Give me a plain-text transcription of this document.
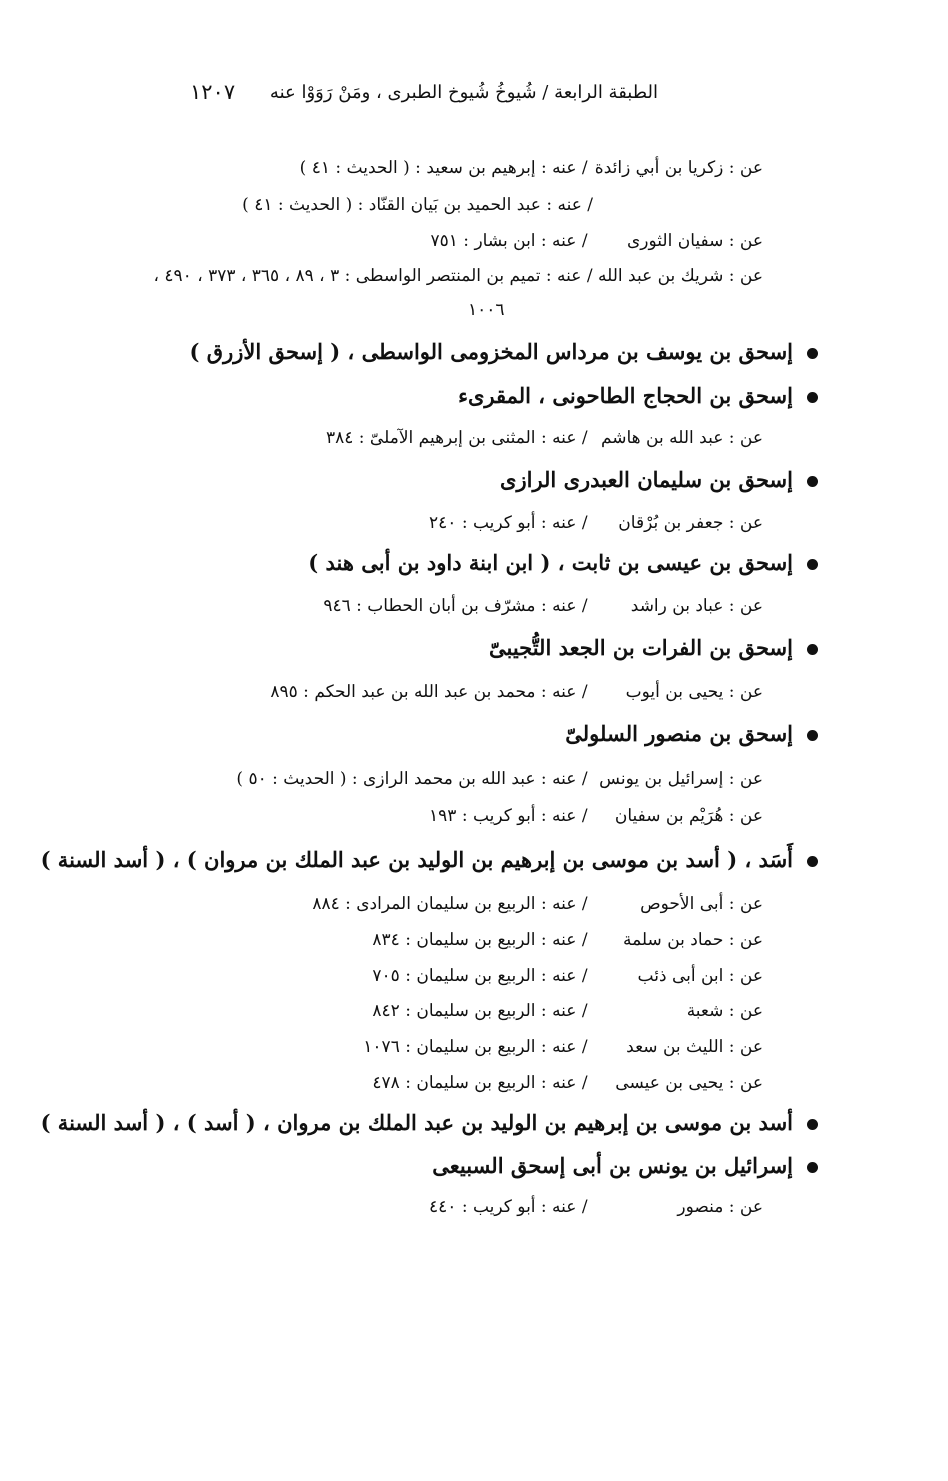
الطبقة الرابعة / شُيوخُ شُيوخ الطبرى ، ومَنْ رَوَوْا عنه
١٢٠٧
عن : زكريا بن أبي زائدة / عنه : إبرهيم بن سعيد : ( الحديث : ٤١ )
/ عنه : عبد الحميد بن بَيان القنّاد : ( الحديث : ٤١ )
عن : سفيان الثورى / عنه : ابن بشار : ٧٥١
عن : شريك بن عبد الله / عنه : تميم بن المنتصر الواسطى : ٣ ، ٨٩ ، ٣٦٥ ، ٣٧٣ ، ٤٩٠ ،
١٠٠٦
إسحق بن يوسف بن مرداس المخزومى الواسطى ، ( إسحق الأزرق )
إسحق بن الحجاج الطاحونى ، المقرىء
عن : عبد الله بن هاشم / عنه : المثنى بن إبرهيم الآملىّ : ٣٨٤
إسحق بن سليمان العبدرى الرازى
عن : جعفر بن بُرْقان / عنه : أبو كريب : ٢٤٠
إسحق بن عيسى بن ثابت ، ( ابن ابنة داود بن أبى هند )
عن : عباد بن راشد / عنه : مشرّف بن أبان الحطاب : ٩٤٦
إسحق بن الفرات بن الجعد التُّجيبىّ
عن : يحيى بن أيوب / عنه : محمد بن عبد الله بن عبد الحكم : ٨٩٥
إسحق بن منصور السلولىّ
عن : إسرائيل بن يونس / عنه : عبد الله بن محمد الرازى : ( الحديث : ٥٠ )
عن : هُرَيْم بن سفيان / عنه : أبو كريب : ١٩٣
أَسَد ، ( أسد بن موسى بن إبرهيم بن الوليد بن عبد الملك بن مروان ) ، ( أسد السنة )
عن : أبى الأحوص / عنه : الربيع بن سليمان المرادى : ٨٨٤
عن : حماد بن سلمة / عنه : الربيع بن سليمان : ٨٣٤
عن : ابن أبى ذئب / عنه : الربيع بن سليمان : ٧٠٥
عن : شعبة / عنه : الربيع بن سليمان : ٨٤٢
عن : الليث بن سعد / عنه : الربيع بن سليمان : ١٠٧٦
عن : يحيى بن عيسى / عنه : الربيع بن سليمان : ٤٧٨
أسد بن موسى بن إبرهيم بن الوليد بن عبد الملك بن مروان ، ( أسد ) ، ( أسد السنة )
إسرائيل بن يونس بن أبى إسحق السبيعى
عن : منصور / عنه : أبو كريب : ٤٤٠
